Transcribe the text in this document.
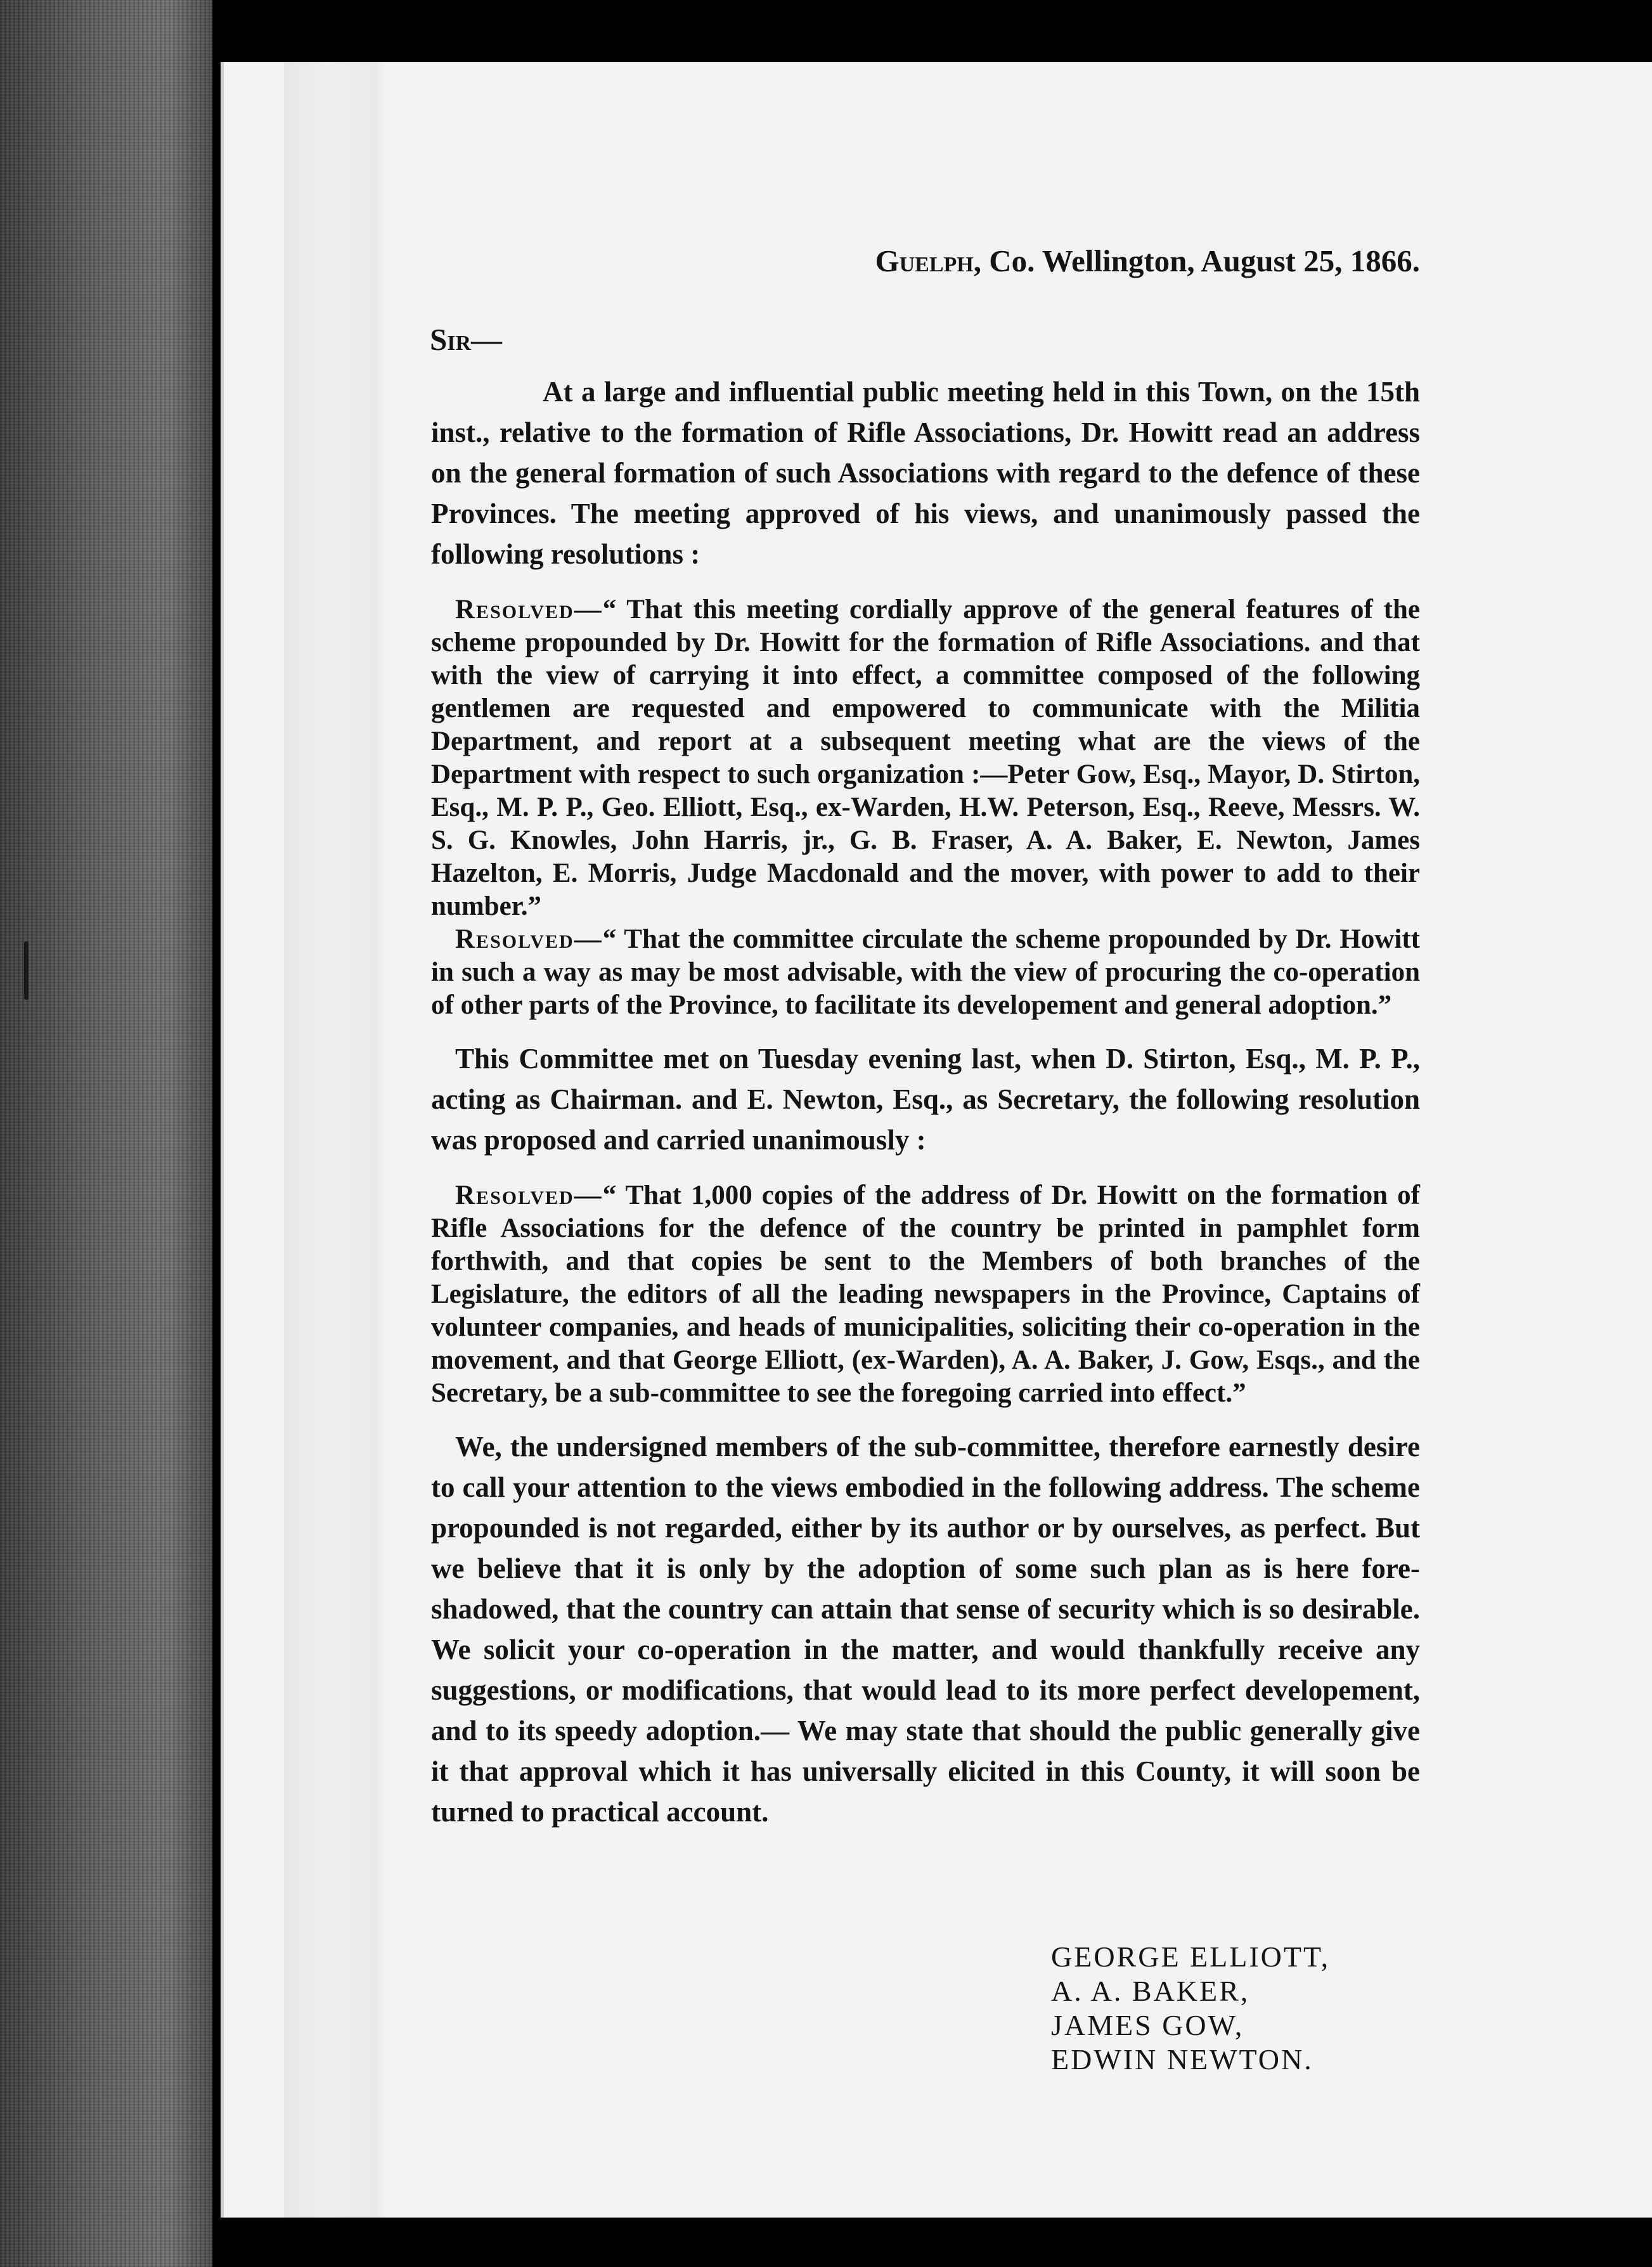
Guelph, Co. Wellington, August 25, 1866.
Sir—

At a large and influential public meeting held in this Town, on the 15th inst., relative to the formation of Rifle Associations, Dr. Howitt read an address on the general formation of such Associations with regard to the defence of these Provinces. The meeting approved of his views, and unanimously passed the following resolutions :

Resolved—“ That this meeting cordially approve of the general features of the scheme propounded by Dr. Howitt for the formation of Rifle Associations. and that with the view of carrying it into effect, a committee composed of the following gentlemen are requested and empowered to communicate with the Militia Department, and report at a subsequent meeting what are the views of the Department with respect to such organization :—Peter Gow, Esq., Mayor, D. Stirton, Esq., M. P. P., Geo. Elliott, Esq., ex-Warden, H.W. Peterson, Esq., Reeve, Messrs. W. S. G. Knowles, John Harris, jr., G. B. Fraser, A. A. Baker, E. Newton, James Hazelton, E. Morris, Judge Macdonald and the mover, with power to add to their number.”

Resolved—“ That the committee circulate the scheme propounded by Dr. Howitt in such a way as may be most advisable, with the view of procuring the co-operation of other parts of the Province, to facilitate its developement and general adoption.”

This Committee met on Tuesday evening last, when D. Stirton, Esq., M. P. P., acting as Chairman. and E. Newton, Esq., as Secretary, the following resolution was proposed and carried unanimously :

Resolved—“ That 1,000 copies of the address of Dr. Howitt on the formation of Rifle Associations for the defence of the country be printed in pamphlet form forthwith, and that copies be sent to the Members of both branches of the Legislature, the editors of all the leading newspapers in the Province, Captains of volunteer companies, and heads of municipalities, soliciting their co-operation in the movement, and that George Elliott, (ex-Warden), A. A. Baker, J. Gow, Esqs., and the Secretary, be a sub-committee to see the foregoing carried into effect.”

We, the undersigned members of the sub-committee, therefore earnestly desire to call your attention to the views embodied in the following address. The scheme propounded is not regarded, either by its author or by ourselves, as perfect. But we believe that it is only by the adoption of some such plan as is here fore-shadowed, that the country can attain that sense of security which is so desirable. We solicit your co-operation in the matter, and would thankfully receive any suggestions, or modifications, that would lead to its more perfect developement, and to its speedy adoption.— We may state that should the public generally give it that approval which it has universally elicited in this County, it will soon be turned to practical account.

GEORGE ELLIOTT,
A. A. BAKER,
JAMES GOW,
EDWIN NEWTON.
